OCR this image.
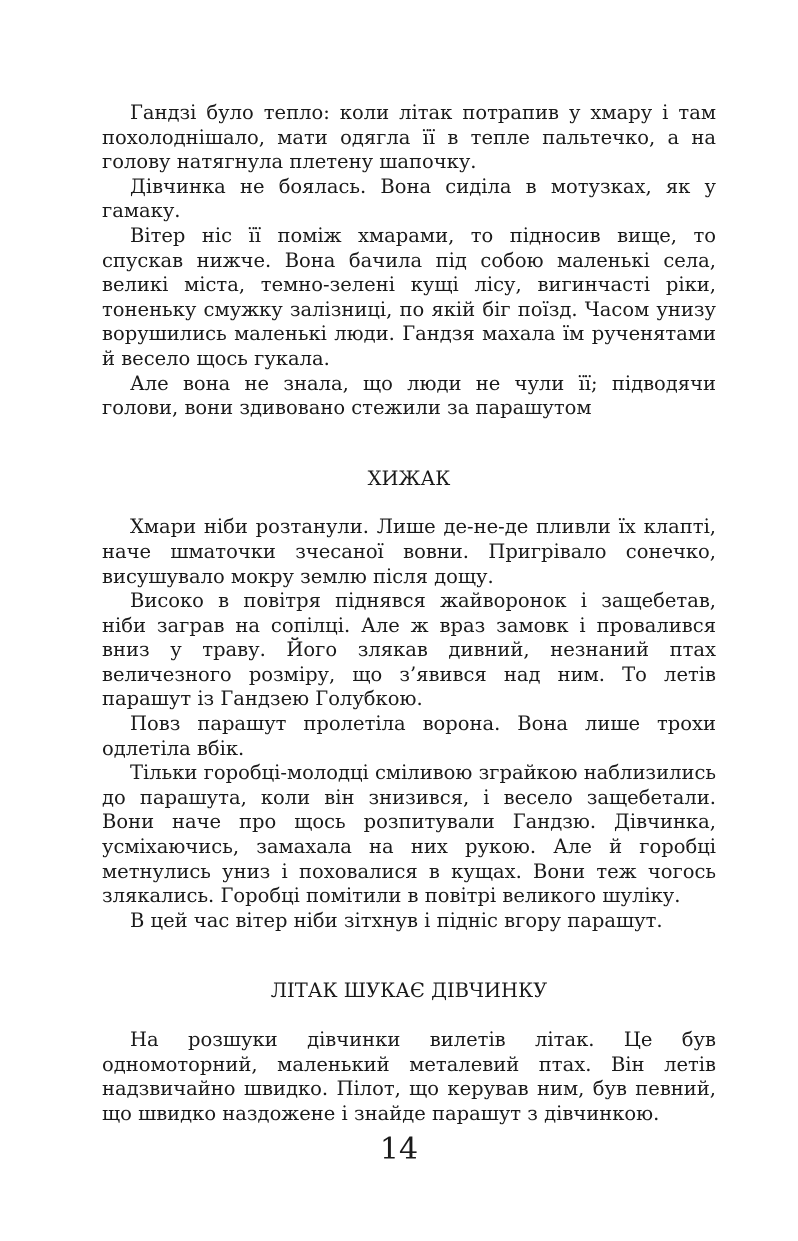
Гандзі було тепло: коли літак потрапив у хмару і там похолоднішало, мати одягла її в тепле пальтечко, а на голову натягнула плетену шапочку.

Дівчинка не боялась. Вона сиділа в мотузках, як у гамаку.

Вітер ніс її поміж хмарами, то підносив вище, то спускав нижче. Вона бачила під собою маленькі села, великі міста, темно-зелені кущі лісу, вигинчасті ріки, тоненьку смужку залізниці, по якій біг поїзд. Часом унизу ворушились маленькі люди. Гандзя махала їм рученятами й весело щось гукала.

Але вона не знала, що люди не чули її; підводячи голови, вони здивовано стежили за парашутом

ХИЖАК

Хмари ніби розтанули. Лише де-не-де пливли їх клапті, наче шматочки зчесаної вовни. Пригрівало сонечко, висушувало мокру землю після дощу.

Високо в повітря піднявся жайворонок і защебетав, ніби заграв на сопілці. Але ж враз замовк і провалився вниз у траву. Його злякав дивний, незнаний птах величезного розміру, що з’явився над ним. То летів парашут із Гандзею Голубкою.

Повз парашут пролетіла ворона. Вона лише трохи одлетіла вбік.

Тільки горобці-молодці сміливою зграйкою наблизились до парашута, коли він знизився, і весело защебетали. Вони наче про щось розпитували Гандзю. Дівчинка, усміхаючись, замахала на них рукою. Але й горобці метнулись униз і поховалися в кущах. Вони теж чогось злякались. Горобці помітили в повітрі великого шуліку.

В цей час вітер ніби зітхнув і підніс вгору парашут.

ЛІТАК ШУКАЄ ДІВЧИНКУ

На розшуки дівчинки вилетів літак. Це був одномоторний, маленький металевий птах. Він летів надзвичайно швидко. Пілот, що керував ним, був певний, що швидко наздожене і знайде парашут з дівчинкою.

14
